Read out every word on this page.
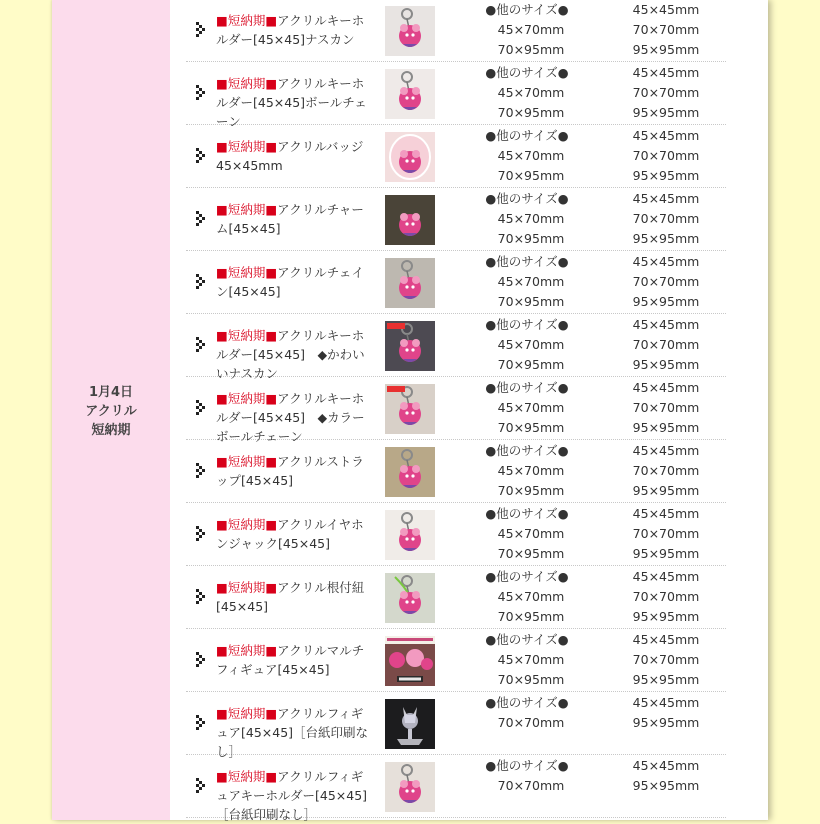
1月4日
アクリル
短納期
■短納期■アクリルキーホルダー[45×45]ナスカン
●他のサイズ●
45×70mm
70×95mm
45×45mm
70×70mm
95×95mm
■短納期■アクリルキーホルダー[45×45]ボールチェーン
●他のサイズ●
45×70mm
70×95mm
45×45mm
70×70mm
95×95mm
■短納期■アクリルバッジ45×45mm
●他のサイズ●
45×70mm
70×95mm
45×45mm
70×70mm
95×95mm
■短納期■アクリルチャーム[45×45]
●他のサイズ●
45×70mm
70×95mm
45×45mm
70×70mm
95×95mm
■短納期■アクリルチェイン[45×45]
●他のサイズ●
45×70mm
70×95mm
45×45mm
70×70mm
95×95mm
■短納期■アクリルキーホルダー[45×45]　◆かわいいナスカン
●他のサイズ●
45×70mm
70×95mm
45×45mm
70×70mm
95×95mm
■短納期■アクリルキーホルダー[45×45]　◆カラーボールチェーン
●他のサイズ●
45×70mm
70×95mm
45×45mm
70×70mm
95×95mm
■短納期■アクリルストラップ[45×45]
●他のサイズ●
45×70mm
70×95mm
45×45mm
70×70mm
95×95mm
■短納期■アクリルイヤホンジャック[45×45]
●他のサイズ●
45×70mm
70×95mm
45×45mm
70×70mm
95×95mm
■短納期■アクリル根付紐[45×45]
●他のサイズ●
45×70mm
70×95mm
45×45mm
70×70mm
95×95mm
■短納期■アクリルマルチフィギュア[45×45]
●他のサイズ●
45×70mm
70×95mm
45×45mm
70×70mm
95×95mm
■短納期■アクリルフィギュア[45×45]［台紙印刷なし］
●他のサイズ●
70×70mm
45×45mm
95×95mm
■短納期■アクリルフィギュアキーホルダー[45×45]［台紙印刷なし］
●他のサイズ●
70×70mm
45×45mm
95×95mm
